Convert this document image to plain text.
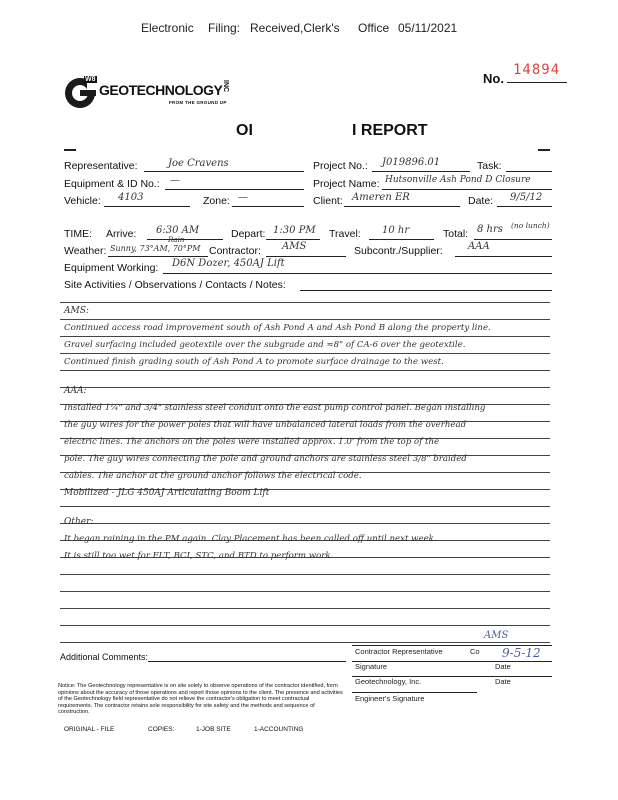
Electronic Filing: Received,Clerk's Office 05/11/2021
W8
GEOTECHNOLOGY INC
FROM THE GROUND UP
No.
14894
OI	I REPORT
Representative:	Joe Cravens	Project No.: J019896.01	Task:
Equipment & ID No.: —	Project Name: Hutsonville Ash Pond D Closure
Vehicle: 4103	Zone: —	Client: Ameren ER	Date: 9/5/12
TIME: Arrive: 6:30 AM	Depart: 1:30 PM Travel: 10 hr	Total: 8 hrs (no lunch)
Weather: Sunny, 73°AM, 70°PM
Rain
Contractor: AMS	Subcontr./Supplier:	AAA
Equipment Working: D6N Dozer, 450AJ Lift
Site Activities / Observations / Contacts / Notes:
AMS:
Continued access road improvement south of Ash Pond A and Ash Pond B along the property line.
Gravel surfacing included geotextile over the subgrade and ≈8" of CA-6 over the geotextile.
Continued finish grading south of Ash Pond A to promote surface drainage to the west.
AAA:
Installed 1¼" and 3/4" stainless steel conduit onto the east pump control panel. Began installing
the guy wires for the power poles that will have unbalanced lateral loads from the overhead
electric lines. The anchors on the poles were installed approx. 1.0' from the top of the
pole. The guy wires connecting the pole and ground anchors are stainless steel 3/8" braided
cables. The anchor at the ground anchor follows the electrical code.
Mobilized - JLG 450AJ Articulating Boom Lift
Other:
It began raining in the PM again. Clay Placement has been called off until next week.
It is still too wet for FLT, BCI, STC, and BTD to perform work.
Additional Comments:
Contractor Representative	Co
AMS
9-5-12
Signature	Date
Geotechnology, Inc.	Date
Engineer's Signature
Notice: The Geotechnology representative is on site solely to observe operations of the contractor identified, form opinions about the accuracy of those operations and report those opinions to the client. The presence and activities of the Geotechnology field representative do not relieve the contractor's obligation to meet contractual requirements. The contractor retains sole responsibility for site safety and the methods and sequence of construction.
ORIGINAL - FILE	COPIES:	1-JOB SITE	1-ACCOUNTING
